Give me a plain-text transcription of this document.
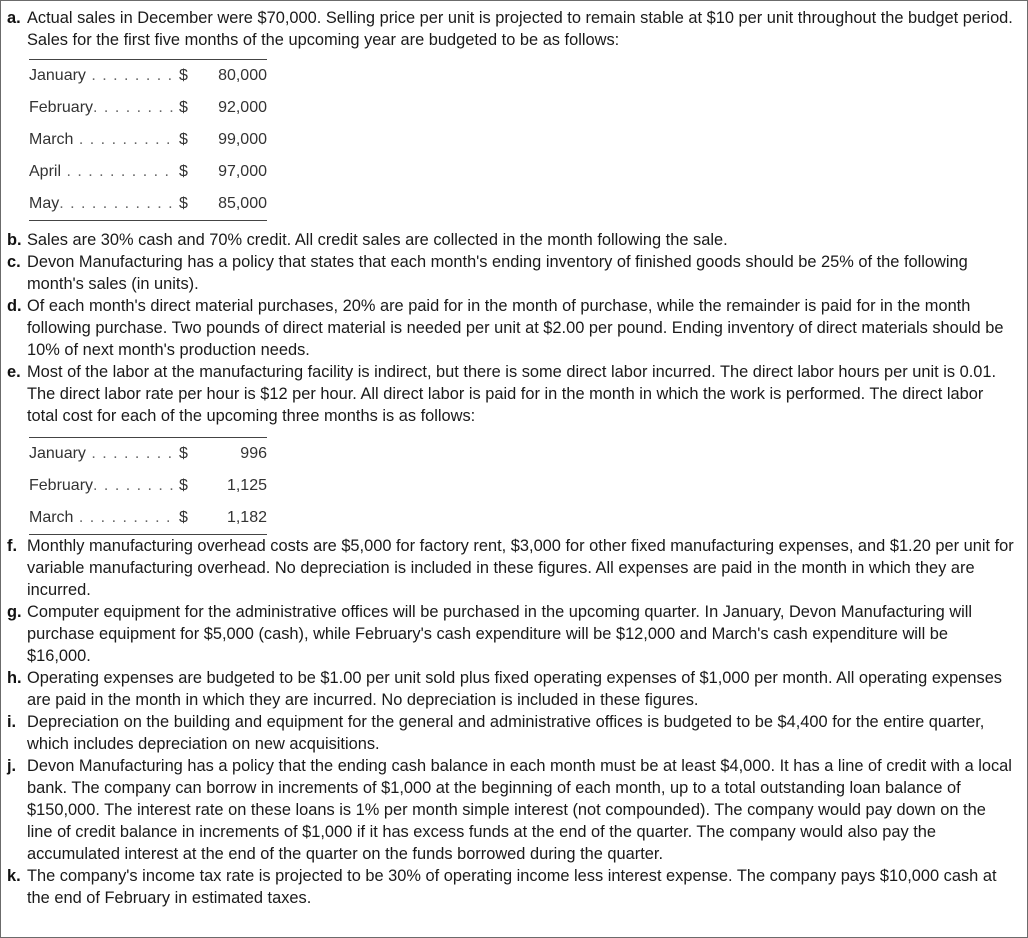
a. Actual sales in December were $70,000. Selling price per unit is projected to remain stable at $10 per unit throughout the budget period. Sales for the first five months of the upcoming year are budgeted to be as follows:

January . . . . . . . .	$	80,000
February. . . . . . . .	$	92,000
March . . . . . . . . .	$	99,000
April . . . . . . . . . .	$	97,000
May. . . . . . . . . . .	$	85,000

b. Sales are 30% cash and 70% credit. All credit sales are collected in the month following the sale.

c. Devon Manufacturing has a policy that states that each month's ending inventory of finished goods should be 25% of the following month's sales (in units).

d. Of each month's direct material purchases, 20% are paid for in the month of purchase, while the remainder is paid for in the month following purchase. Two pounds of direct material is needed per unit at $2.00 per pound. Ending inventory of direct materials should be 10% of next month's production needs.

e. Most of the labor at the manufacturing facility is indirect, but there is some direct labor incurred. The direct labor hours per unit is 0.01. The direct labor rate per hour is $12 per hour. All direct labor is paid for in the month in which the work is performed. The direct labor total cost for each of the upcoming three months is as follows:

January . . . . . . . .	$	996
February. . . . . . . .	$	1,125
March . . . . . . . . .	$	1,182

f. Monthly manufacturing overhead costs are $5,000 for factory rent, $3,000 for other fixed manufacturing expenses, and $1.20 per unit for variable manufacturing overhead. No depreciation is included in these figures. All expenses are paid in the month in which they are incurred.

g. Computer equipment for the administrative offices will be purchased in the upcoming quarter. In January, Devon Manufacturing will purchase equipment for $5,000 (cash), while February's cash expenditure will be $12,000 and March's cash expenditure will be $16,000.

h. Operating expenses are budgeted to be $1.00 per unit sold plus fixed operating expenses of $1,000 per month. All operating expenses are paid in the month in which they are incurred. No depreciation is included in these figures.

i. Depreciation on the building and equipment for the general and administrative offices is budgeted to be $4,400 for the entire quarter, which includes depreciation on new acquisitions.

j. Devon Manufacturing has a policy that the ending cash balance in each month must be at least $4,000. It has a line of credit with a local bank. The company can borrow in increments of $1,000 at the beginning of each month, up to a total outstanding loan balance of $150,000. The interest rate on these loans is 1% per month simple interest (not compounded). The company would pay down on the line of credit balance in increments of $1,000 if it has excess funds at the end of the quarter. The company would also pay the accumulated interest at the end of the quarter on the funds borrowed during the quarter.

k. The company's income tax rate is projected to be 30% of operating income less interest expense. The company pays $10,000 cash at the end of February in estimated taxes.
